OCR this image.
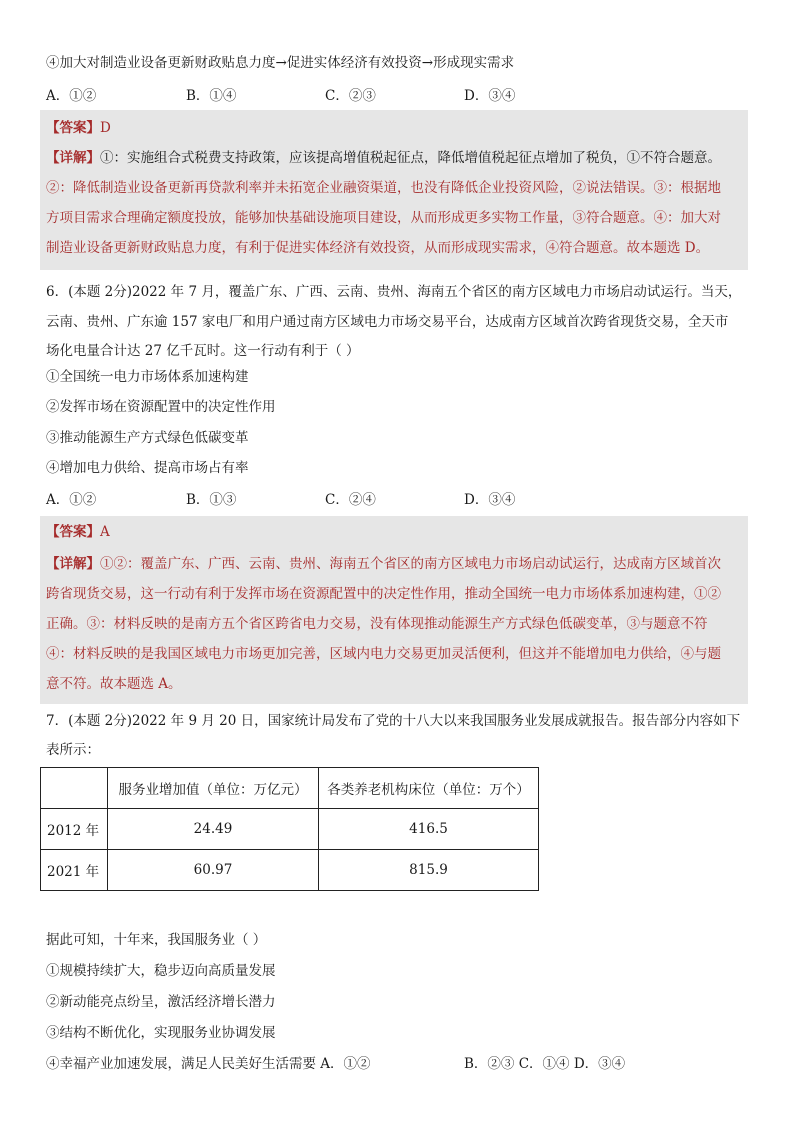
④加大对制造业设备更新财政贴息力度→促进实体经济有效投资→形成现实需求
A．①②	B．①④	C．②③	D．③④
【答案】D
【详解】①：实施组合式税费支持政策，应该提高增值税起征点，降低增值税起征点增加了税负，①不符合题意。
②：降低制造业设备更新再贷款利率并未拓宽企业融资渠道，也没有降低企业投资风险，②说法错误。③：根据地
方项目需求合理确定额度投放，能够加快基础设施项目建设，从而形成更多实物工作量，③符合题意。④：加大对
制造业设备更新财政贴息力度，有利于促进实体经济有效投资，从而形成现实需求，④符合题意。故本题选 D。
6．(本题 2分)2022 年 7 月，覆盖广东、广西、云南、贵州、海南五个省区的南方区域电力市场启动试运行。当天，
云南、贵州、广东逾 157 家电厂和用户通过南方区域电力市场交易平台，达成南方区域首次跨省现货交易，全天市
场化电量合计达 27 亿千瓦时。这一行动有利于（ ）
①全国统一电力市场体系加速构建
②发挥市场在资源配置中的决定性作用
③推动能源生产方式绿色低碳变革
④增加电力供给、提高市场占有率
A．①②	B．①③	C．②④	D．③④
【答案】A
【详解】①②：覆盖广东、广西、云南、贵州、海南五个省区的南方区域电力市场启动试运行，达成南方区域首次
跨省现货交易，这一行动有利于发挥市场在资源配置中的决定性作用，推动全国统一电力市场体系加速构建，①②
正确。③：材料反映的是南方五个省区跨省电力交易，没有体现推动能源生产方式绿色低碳变革，③与题意不符
④：材料反映的是我国区域电力市场更加完善，区域内电力交易更加灵活便利，但这并不能增加电力供给，④与题
意不符。故本题选 A。
7．(本题 2分)2022 年 9 月 20 日，国家统计局发布了党的十八大以来我国服务业发展成就报告。报告部分内容如下
表所示：
	服务业增加值（单位：万亿元）	各类养老机构床位（单位：万个）
2012 年	24.49	416.5
2021 年	60.97	815.9
据此可知，十年来，我国服务业（ ）
①规模持续扩大，稳步迈向高质量发展
②新动能亮点纷呈，激活经济增长潜力
③结构不断优化，实现服务业协调发展
④幸福产业加速发展，满足人民美好生活需要 A．①②	B．②③ C．①④ D．③④
